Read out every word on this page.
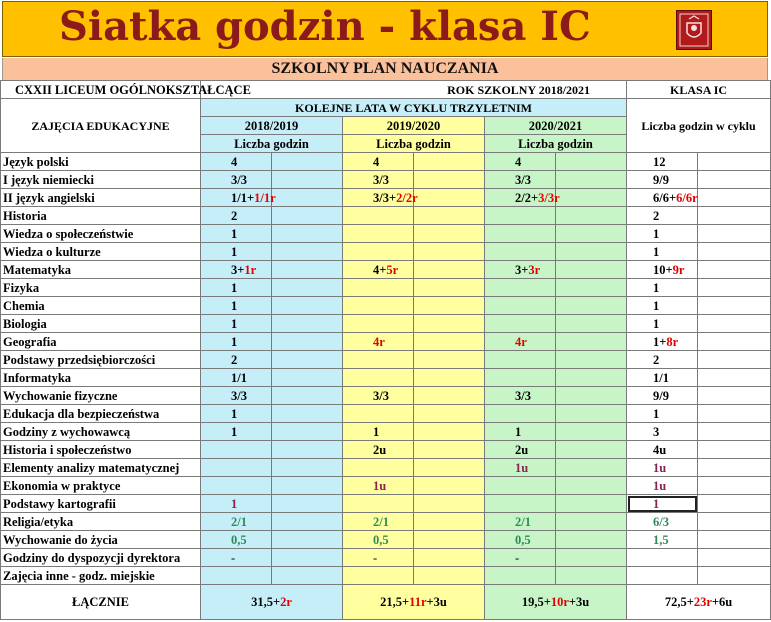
Siatka godzin - klasa IC
SZKOLNY PLAN NAUCZANIA
CXXII LICEUM OGÓLNOKSZTAŁCĄCE	ROK SZKOLNY 2018/2021						KLASA IC	
ZAJĘCIA EDUKACYJNE	KOLEJNE LATA W CYKLU TRZYLETNIM						Liczba godzin w cyklu	
	2018/2019		2019/2020		2020/2021			
	Liczba godzin		Liczba godzin		Liczba godzin			
Język polski	4		4		4		12	
I język niemiecki	3/3		3/3		3/3		9/9	
II język angielski	1/1+1/1r		3/3+2/2r		2/2+3/3r		6/6+6/6r	
Historia	2						2	
Wiedza o społeczeństwie	1						1	
Wiedza o kulturze	1						1	
Matematyka	3+1r		4+5r		3+3r		10+9r	
Fizyka	1						1	
Chemia	1						1	
Biologia	1						1	
Geografia	1		4r		4r		1+8r	
Podstawy przedsiębiorczości	2						2	
Informatyka	1/1						1/1	
Wychowanie fizyczne	3/3		3/3		3/3		9/9	
Edukacja dla bezpieczeństwa	1						1	
Godziny z wychowawcą	1		1		1		3	
Historia i społeczeństwo			2u		2u		4u	
Elementy analizy matematycznej					1u		1u	
Ekonomia w praktyce			1u				1u	
Podstawy kartografii	1						1	
Religia/etyka	2/1		2/1		2/1		6/3	
Wychowanie do życia	0,5		0,5		0,5		1,5	
Godziny do dyspozycji dyrektora	-		-		-			
Zajęcia inne - godz. miejskie								
ŁĄCZNIE	31,5+2r		21,5+11r+3u		19,5+10r+3u		72,5+23r+6u	
